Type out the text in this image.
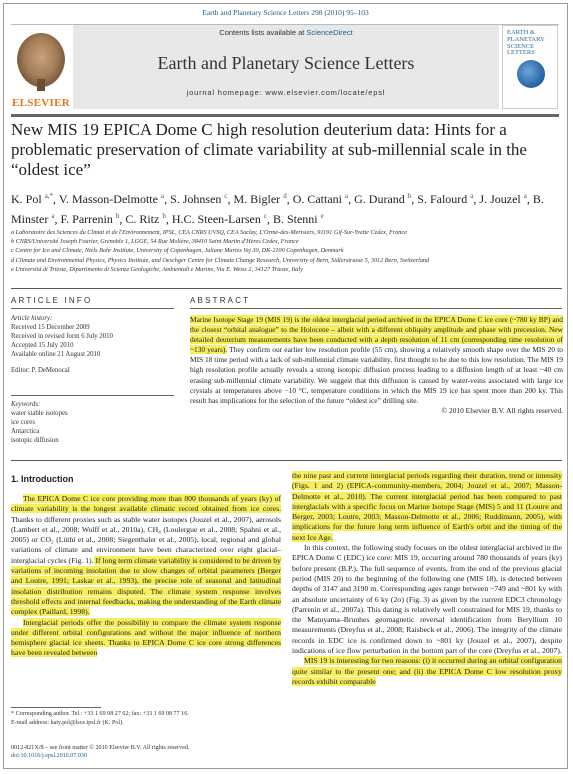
Earth and Planetary Science Letters 298 (2010) 95–103
ELSEVIER
Contents lists available at ScienceDirect
Earth and Planetary Science Letters
journal homepage: www.elsevier.com/locate/epsl
EARTH & PLANETARY SCIENCE LETTERS
New MIS 19 EPICA Dome C high resolution deuterium data: Hints for a problematic preservation of climate variability at sub-millennial scale in the “oldest ice”
K. Pol $^{a,*}$, V. Masson-Delmotte $^a$, S. Johnsen $^c$, M. Bigler $^d$, O. Cattani $^a$, G. Durand $^b$, S. Falourd $^a$, J. Jouzel $^a$, B. Minster $^a$, F. Parrenin $^b$, C. Ritz $^b$, H.C. Steen-Larsen $^c$, B. Stenni $^e$
a Laboratoire des Sciences du Climat et de l'Environnement, IPSL, CEA CNRS UVSQ, CEA Saclay, L'Orme-des-Merisiers, 91191 Gif-Sur-Yvette Cedex, France
b CNRS/Université Joseph Fourier, Grenoble 1, LGGE, 54 Rue Molière, 38410 Saint Martin d'Hères Cedex, France
c Centre for Ice and Climate, Niels Bohr Institute, University of Copenhagen, Juliane Maries Vej 30, DK-2100 Copenhagen, Denmark
d Climate and Environmental Physics, Physics Institute, and Oeschger Centre for Climate Change Research, University of Bern, Sidlerstrasse 5, 3012 Bern, Switzerland
e Università di Trieste, Dipartimento di Scienze Geologiche, Ambientali e Marine, Via E. Weiss 2, 34127 Trieste, Italy
ARTICLE INFO
Article history:
Received 15 December 2009
Received in revised form 6 July 2010
Accepted 15 July 2010
Available online 21 August 2010
Editor: P. DeMenocal
Keywords:
water stable isotopes
ice cores
Antarctica
isotopic diffusion
ABSTRACT
Marine Isotope Stage 19 (MIS 19) is the oldest interglacial period archived in the EPICA Dome C ice core (~780 ky BP) and the closest “orbital analogue” to the Holocene – albeit with a different obliquity amplitude and phase with precession. New detailed deuterium measurements have been conducted with a depth resolution of 11 cm (corresponding time resolution of ~130 years). They confirm our earlier low resolution profile (55 cm), showing a relatively smooth shape over the MIS 20 to MIS 18 time period with a lack of sub-millennial climate variability, first thought to be due to this low resolution. The MIS 19 high resolution profile actually reveals a strong isotopic diffusion process leading to a diffusion length of at least ~40 cm erasing sub-millennial climate variability. We suggest that this diffusion is caused by water-veins associated with large ice crystals at temperatures above −10 °C, temperature conditions in which the MIS 19 ice has spent more than 200 ky. This result has implications for the selection of the future “oldest ice” drilling site.
© 2010 Elsevier B.V. All rights reserved.
1. Introduction

The EPICA Dome C ice core providing more than 800 thousands of years (ky) of climate variability is the longest available climatic record obtained from ice cores. Thanks to different proxies such as stable water isotopes (Jouzel et al., 2007), aerosols (Lambert et al., 2008; Wolff et al., 2010a), CH₄ (Loulergue et al., 2008; Spahni et al., 2005) or CO₂ (Lüthi et al., 2008; Siegenthaler et al., 2005), local, regional and global variations of climate and environment have been characterized over eight glacial–interglacial cycles (Fig. 1). If long term climate variability is considered to be driven by variations of incoming insolation due to slow changes of orbital parameters (Berger and Loutre, 1991; Laskar et al., 1993), the precise role of seasonal and latitudinal insolation distribution remains disputed. The climate system response involves threshold effects and internal feedbacks, making the understanding of the Earth climate complex (Paillard, 1998).

Interglacial periods offer the possibility to compare the climate system response under different orbital configurations and without the major influence of northern hemisphere glacial ice sheets. Thanks to EPICA Dome C ice core strong differences have been revealed between

the nine past and current interglacial periods regarding their duration, trend or intensity (Figs. 1 and 2) (EPICA-community-members, 2004; Jouzel et al., 2007; Masson-Delmotte et al., 2010). The current interglacial period has been compared to past interglacials with a specific focus on Marine Isotope Stage (MIS) 5 and 11 (Loutre and Berger, 2003; Loutre, 2003; Masson-Delmotte et al., 2006; Ruddimann, 2005), with implications for the future long term influence of Earth's orbit and the timing of the next Ice Age.

In this context, the following study focuses on the oldest interglacial archived in the EPICA Dome C (EDC) ice core: MIS 19, occurring around 780 thousands of years (ky) before present (B.P.). The full sequence of events, from the end of the previous glacial period (MIS 20) to the beginning of the following one (MIS 18), is detected between depths of 3147 and 3190 m. Corresponding ages range between ~749 and ~801 ky with an absolute uncertainty of 6 ky (2σ) (Fig. 3) as given by the current EDC3 chronology (Parrenin et al., 2007a). This dating is relatively well constrained for MIS 19, thanks to the Matuyama–Brunhes geomagnetic reversal identification from Beryllium 10 measurements (Dreyfus et al., 2008; Raisbeck et al., 2006). The integrity of the climate records in EDC ice is confirmed down to ~801 ky (Jouzel et al., 2007), despite indications of ice flow perturbation in the bottom part of the core (Dreyfus et al., 2007).

MIS 19 is interesting for two reasons: (i) it occurred during an orbital configuration quite similar to the present one; and (ii) the EPICA Dome C low resolution proxy records exhibit comparable

* Corresponding author. Tel.: +33 1 69 08 27 02; fax: +33 1 69 08 77 16.
E-mail address: katy.pol@lsce.ipsl.fr (K. Pol).
0012-821X/$ – see front matter © 2010 Elsevier B.V. All rights reserved.
doi:10.1016/j.epsl.2010.07.030
